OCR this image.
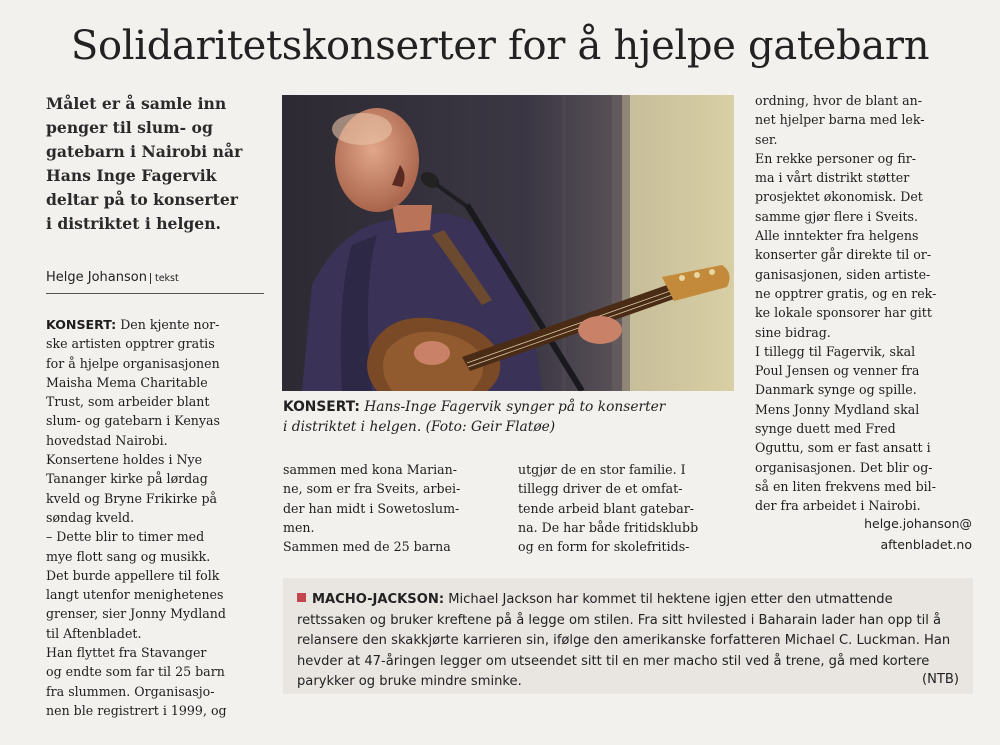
Solidaritetskonserter for å hjelpe gatebarn
Målet er å samle inn
penger til slum- og
gatebarn i Nairobi når
Hans Inge Fagervik
deltar på to konserter
i distriktet i helgen.
Helge Johanson tekst
KONSERT: Den kjente nor-
ske artisten opptrer gratis
for å hjelpe organisasjonen
Maisha Mema Charitable
Trust, som arbeider blant
slum- og gatebarn i Kenyas
hovedstad Nairobi.
Konsertene holdes i Nye
Tananger kirke på lørdag
kveld og Bryne Frikirke på
søndag kveld.
– Dette blir to timer med
mye flott sang og musikk.
Det burde appellere til folk
langt utenfor menighetenes
grenser, sier Jonny Mydland
til Aftenbladet.
Han flyttet fra Stavanger
og endte som far til 25 barn
fra slummen. Organisasjo-
nen ble registrert i 1999, og
KONSERT: Hans-Inge Fagervik synger på to konserter
i distriktet i helgen. (Foto: Geir Flatøe)
sammen med kona Marian-
ne, som er fra Sveits, arbei-
der han midt i Sowetoslum-
men.
Sammen med de 25 barna
utgjør de en stor familie. I
tillegg driver de et omfat-
tende arbeid blant gatebar-
na. De har både fritidsklubb
og en form for skolefritids-
ordning, hvor de blant an-
net hjelper barna med lek-
ser.
En rekke personer og fir-
ma i vårt distrikt støtter
prosjektet økonomisk. Det
samme gjør flere i Sveits.
Alle inntekter fra helgens
konserter går direkte til or-
ganisasjonen, siden artiste-
ne opptrer gratis, og en rek-
ke lokale sponsorer har gitt
sine bidrag.
I tillegg til Fagervik, skal
Poul Jensen og venner fra
Danmark synge og spille.
Mens Jonny Mydland skal
synge duett med Fred
Oguttu, som er fast ansatt i
organisasjonen. Det blir og-
så en liten frekvens med bil-
der fra arbeidet i Nairobi.
helge.johanson@
aftenbladet.no
MACHO-JACKSON: Michael Jackson har kommet til hektene igjen etter den utmattende rettssaken og bruker kreftene på å legge om stilen. Fra sitt hvilested i Baharain lader han opp til å relansere den skakkjørte karrieren sin, ifølge den amerikanske forfatteren Michael C. Luckman. Han hevder at 47-åringen legger om utseendet sitt til en mer macho stil ved å trene, gå med kortere parykker og bruke mindre sminke.	(NTB)
